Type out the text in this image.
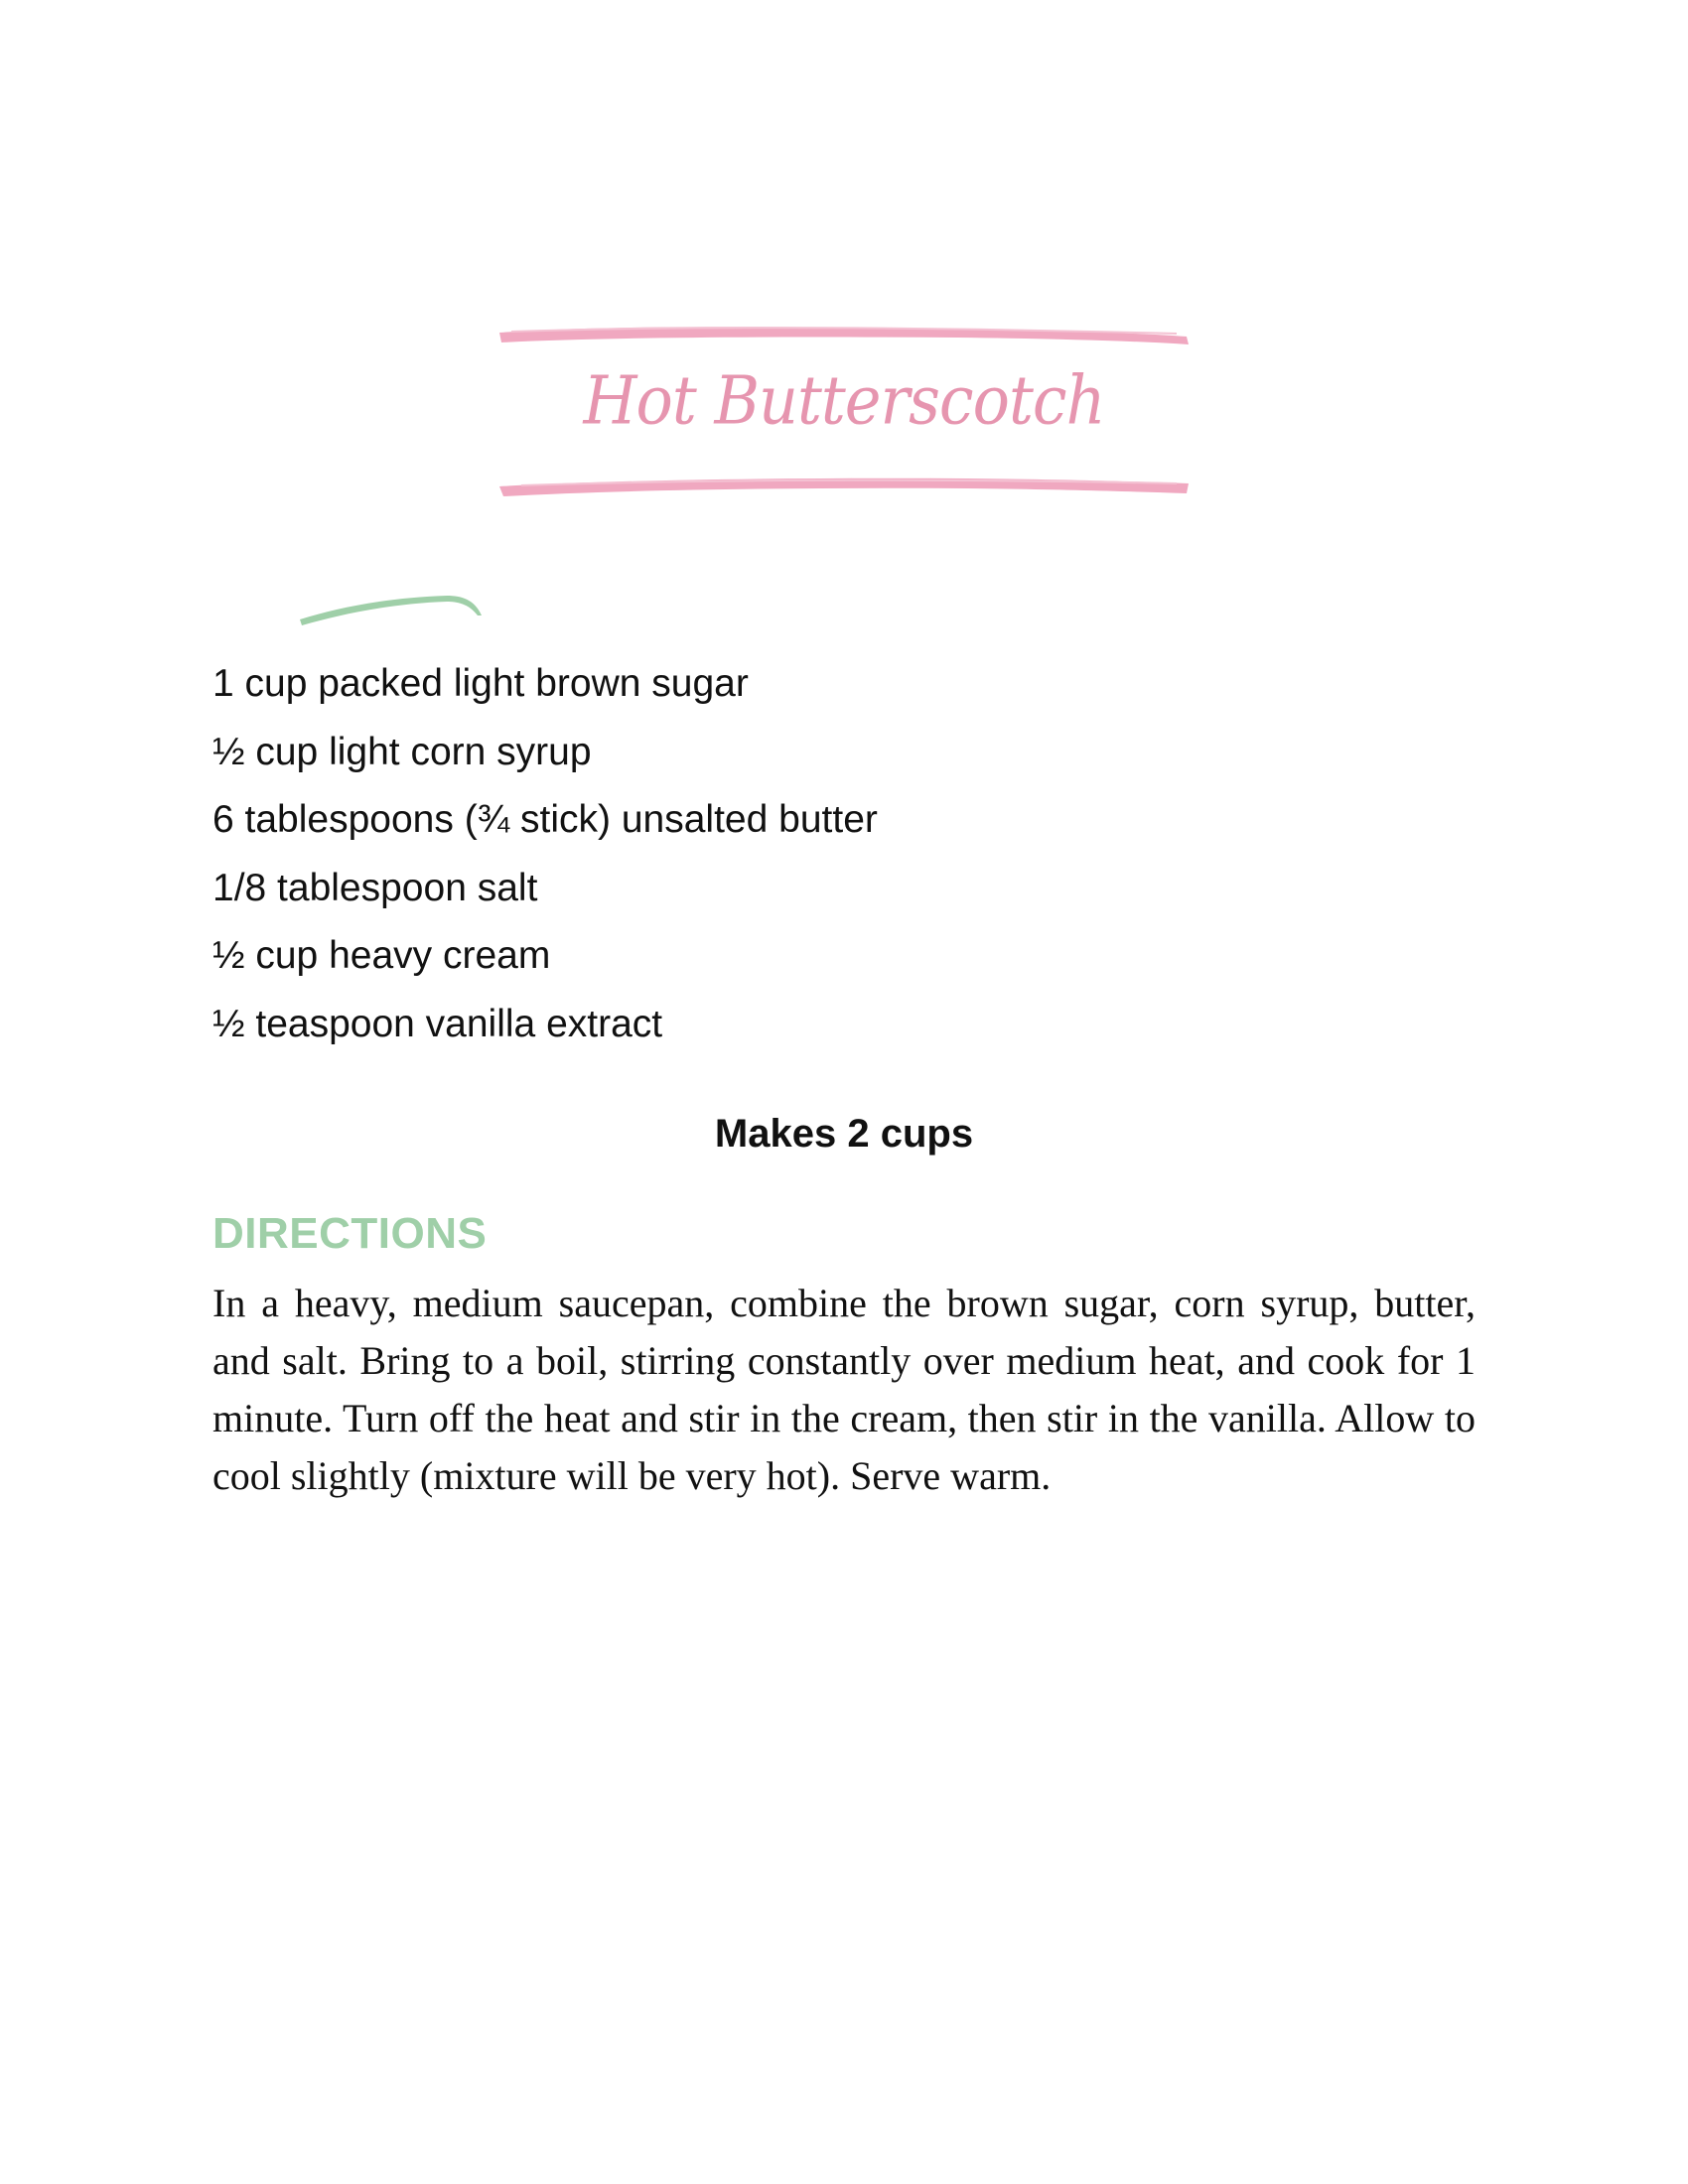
Hot Butterscotch
1 cup packed light brown sugar
½ cup light corn syrup
6 tablespoons (¾ stick) unsalted butter
1/8 tablespoon salt
½ cup heavy cream
½ teaspoon vanilla extract
Makes 2 cups
DIRECTIONS

In a heavy, medium saucepan, combine the brown sugar, corn syrup, butter, and salt. Bring to a boil, stirring constantly over medium heat, and cook for 1 minute. Turn off the heat and stir in the cream, then stir in the vanilla. Allow to cool slightly (mixture will be very hot). Serve warm.
